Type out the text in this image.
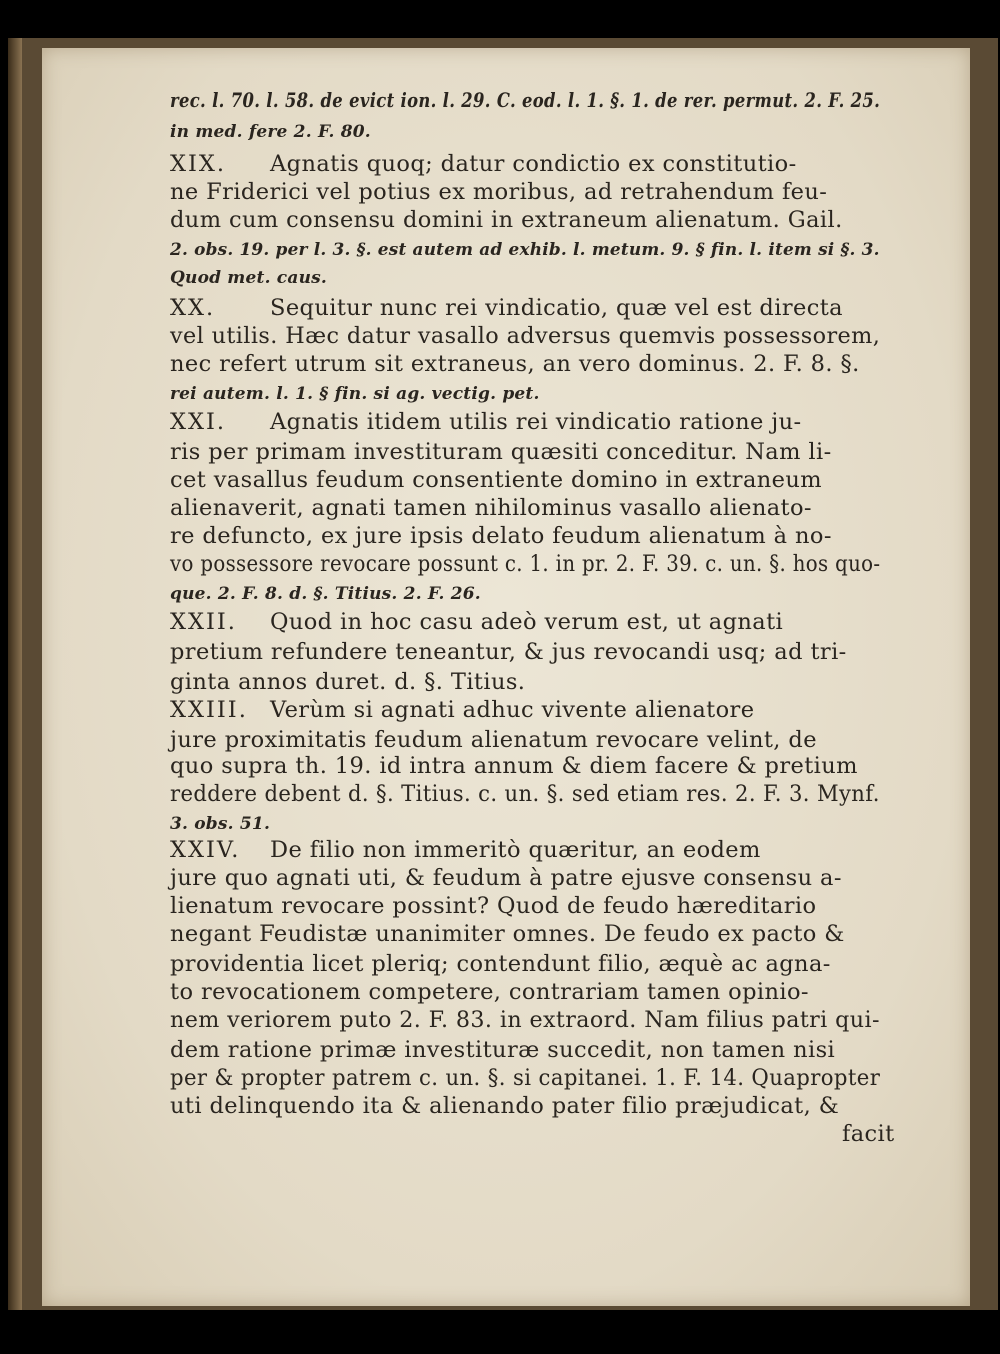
rec. l. 70. l. 58. de evict ion. l. 29. C. eod. l. 1. §. 1. de rer. permut. 2. F. 25.
in med. fere 2. F. 80.
XIX. Agnatis quoq; datur condictio ex constitutio-
ne Friderici vel potius ex moribus, ad retrahendum feu-
dum cum consensu domini in extraneum alienatum. Gail.
2. obs. 19. per l. 3. §. est autem ad exhib. l. metum. 9. § fin. l. item si §. 3.
Quod met. caus.
XX. Sequitur nunc rei vindicatio, quæ vel est directa
vel utilis. Hæc datur vasallo adversus quemvis possessorem,
nec refert utrum sit extraneus, an vero dominus. 2. F. 8. §.
rei autem. l. 1. § fin. si ag. vectig. pet.
XXI. Agnatis itidem utilis rei vindicatio ratione ju-
ris per primam investituram quæsiti conceditur. Nam li-
cet vasallus feudum consentiente domino in extraneum
alienaverit, agnati tamen nihilominus vasallo alienato-
re defuncto, ex jure ipsis delato feudum alienatum à no-
vo possessore revocare possunt c. 1. in pr. 2. F. 39. c. un. §. hos quo-
que. 2. F. 8. d. §. Titius. 2. F. 26.
XXII. Quod in hoc casu adeò verum est, ut agnati
pretium refundere teneantur, & jus revocandi usq; ad tri-
ginta annos duret. d. §. Titius.
XXIII. Verùm si agnati adhuc vivente alienatore
jure proximitatis feudum alienatum revocare velint, de
quo supra th. 19. id intra annum & diem facere & pretium
reddere debent d. §. Titius. c. un. §. sed etiam res. 2. F. 3. Mynf.
3. obs. 51.
XXIV. De filio non immeritò quæritur, an eodem
jure quo agnati uti, & feudum à patre ejusve consensu a-
lienatum revocare possint? Quod de feudo hæreditario
negant Feudistæ unanimiter omnes. De feudo ex pacto &
providentia licet pleriq; contendunt filio, æquè ac agna-
to revocationem competere, contrariam tamen opinio-
nem veriorem puto 2. F. 83. in extraord. Nam filius patri qui-
dem ratione primæ investituræ succedit, non tamen nisi
per & propter patrem c. un. §. si capitanei. 1. F. 14. Quapropter
uti delinquendo ita & alienando pater filio præjudicat, &
facit
